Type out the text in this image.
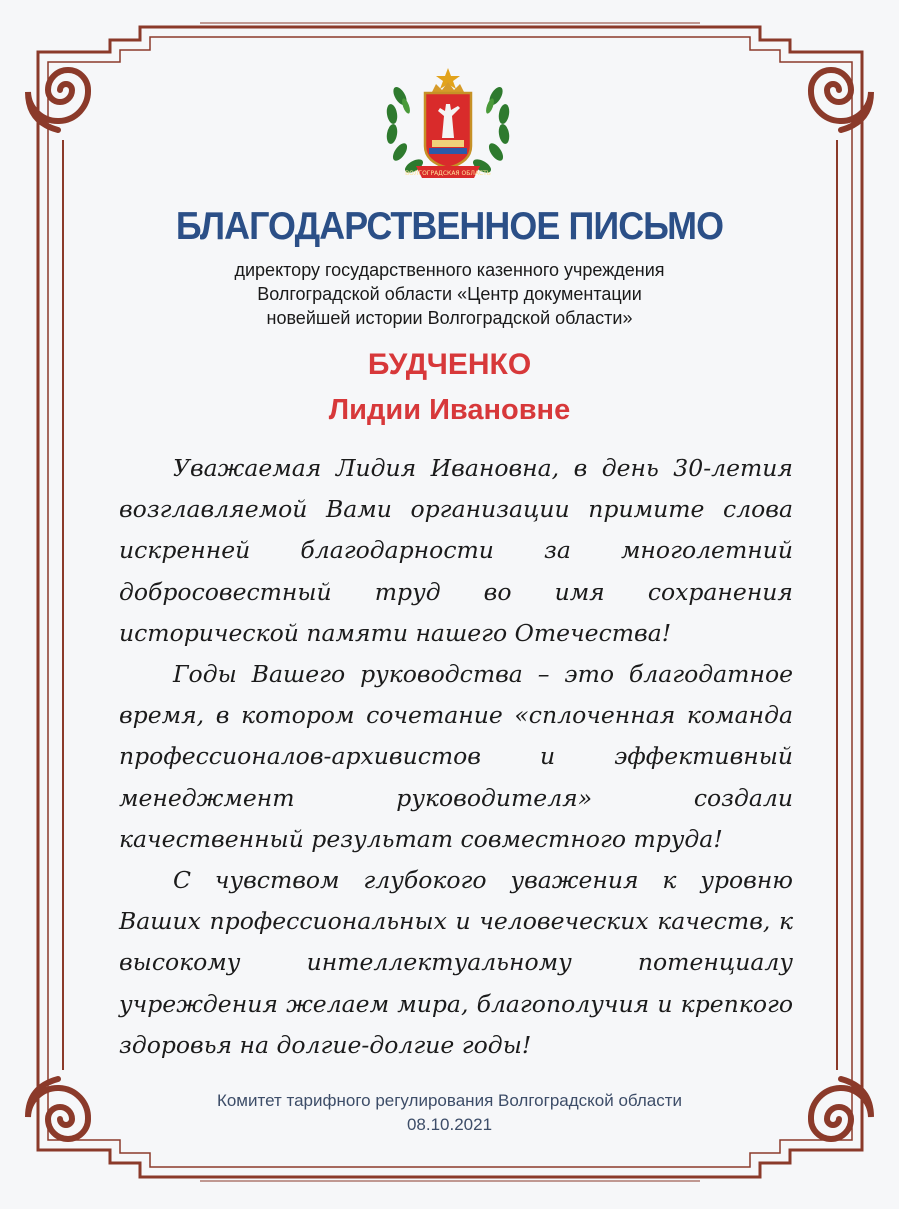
ВОЛГОГРАДСКАЯ ОБЛАСТЬ
БЛАГОДАРСТВЕННОЕ ПИСЬМО
директору государственного казенного учреждения
Волгоградской области «Центр документации
новейшей истории Волгоградской области»
БУДЧЕНКО
Лидии Ивановне

Уважаемая Лидия Ивановна, в день 30-летия возглавляемой Вами организации примите слова искренней благодарности за многолетний добросовестный труд во имя сохранения исторической памяти нашего Отечества!

Годы Вашего руководства – это благодатное время, в котором сочетание «сплоченная команда профессионалов-архивистов и эффективный менеджмент руководителя» создали качественный результат совместного труда!

С чувством глубокого уважения к уровню Ваших профессиональных и человеческих качеств, к высокому интеллектуальному потенциалу учреждения желаем мира, благополучия и крепкого здоровья на долгие-долгие годы!

Комитет тарифного регулирования Волгоградской области
08.10.2021
